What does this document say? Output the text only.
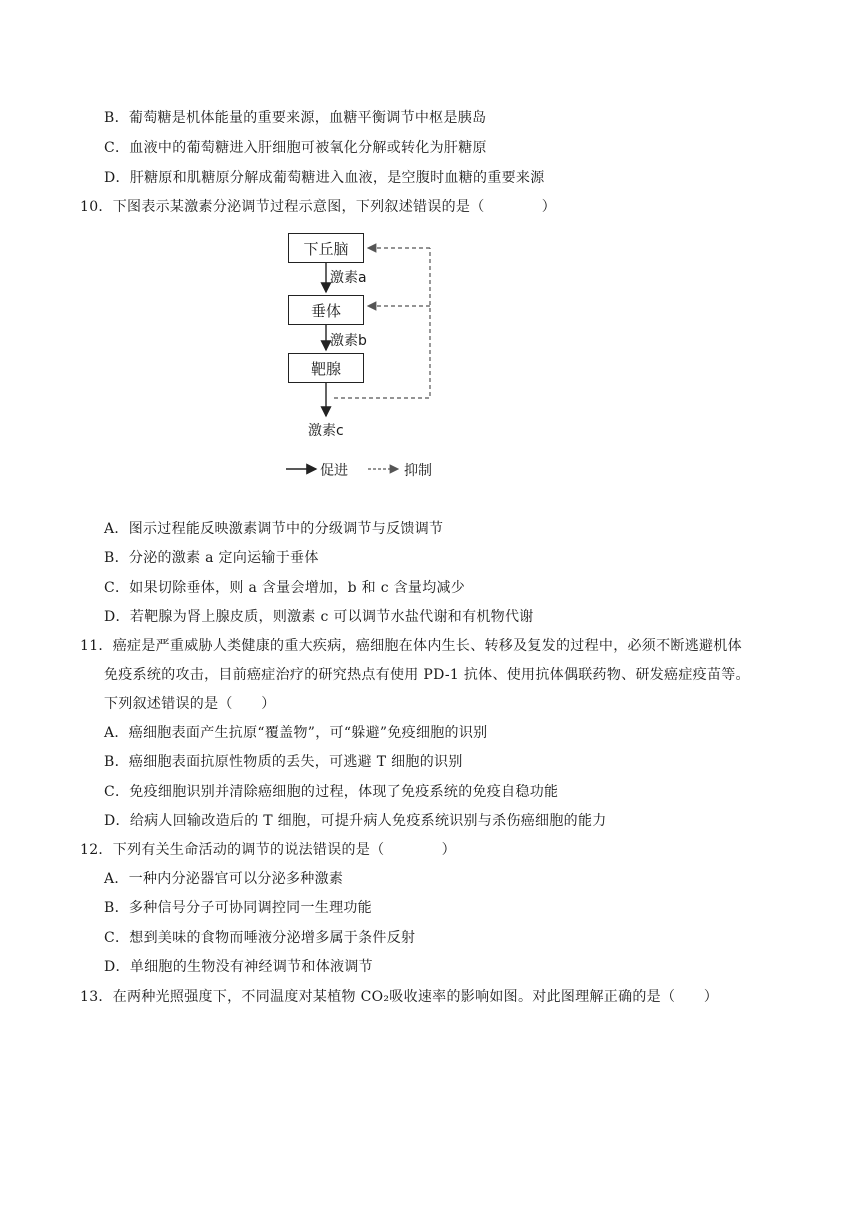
B．葡萄糖是机体能量的重要来源，血糖平衡调节中枢是胰岛
C．血液中的葡萄糖进入肝细胞可被氧化分解或转化为肝糖原
D．肝糖原和肌糖原分解成葡萄糖进入血液，是空腹时血糖的重要来源
10．下图表示某激素分泌调节过程示意图，下列叙述错误的是（　　　　）
下丘脑
激素a
垂体
激素b
靶腺
激素c
促进	抑制
A．图示过程能反映激素调节中的分级调节与反馈调节
B．分泌的激素 a 定向运输于垂体
C．如果切除垂体，则 a 含量会增加，b 和 c 含量均减少
D．若靶腺为肾上腺皮质，则激素 c 可以调节水盐代谢和有机物代谢
11．癌症是严重威胁人类健康的重大疾病，癌细胞在体内生长、转移及复发的过程中，必须不断逃避机体
免疫系统的攻击，目前癌症治疗的研究热点有使用 PD-1 抗体、使用抗体偶联药物、研发癌症疫苗等。
下列叙述错误的是（　　）
A．癌细胞表面产生抗原“覆盖物”，可“躲避”免疫细胞的识别
B．癌细胞表面抗原性物质的丢失，可逃避 T 细胞的识别
C．免疫细胞识别并清除癌细胞的过程，体现了免疫系统的免疫自稳功能
D．给病人回输改造后的 T 细胞，可提升病人免疫系统识别与杀伤癌细胞的能力
12．下列有关生命活动的调节的说法错误的是（　　　　）
A．一种内分泌器官可以分泌多种激素
B．多种信号分子可协同调控同一生理功能
C．想到美味的食物而唾液分泌增多属于条件反射
D．单细胞的生物没有神经调节和体液调节
13．在两种光照强度下，不同温度对某植物 CO₂吸收速率的影响如图。对此图理解正确的是（　　）
